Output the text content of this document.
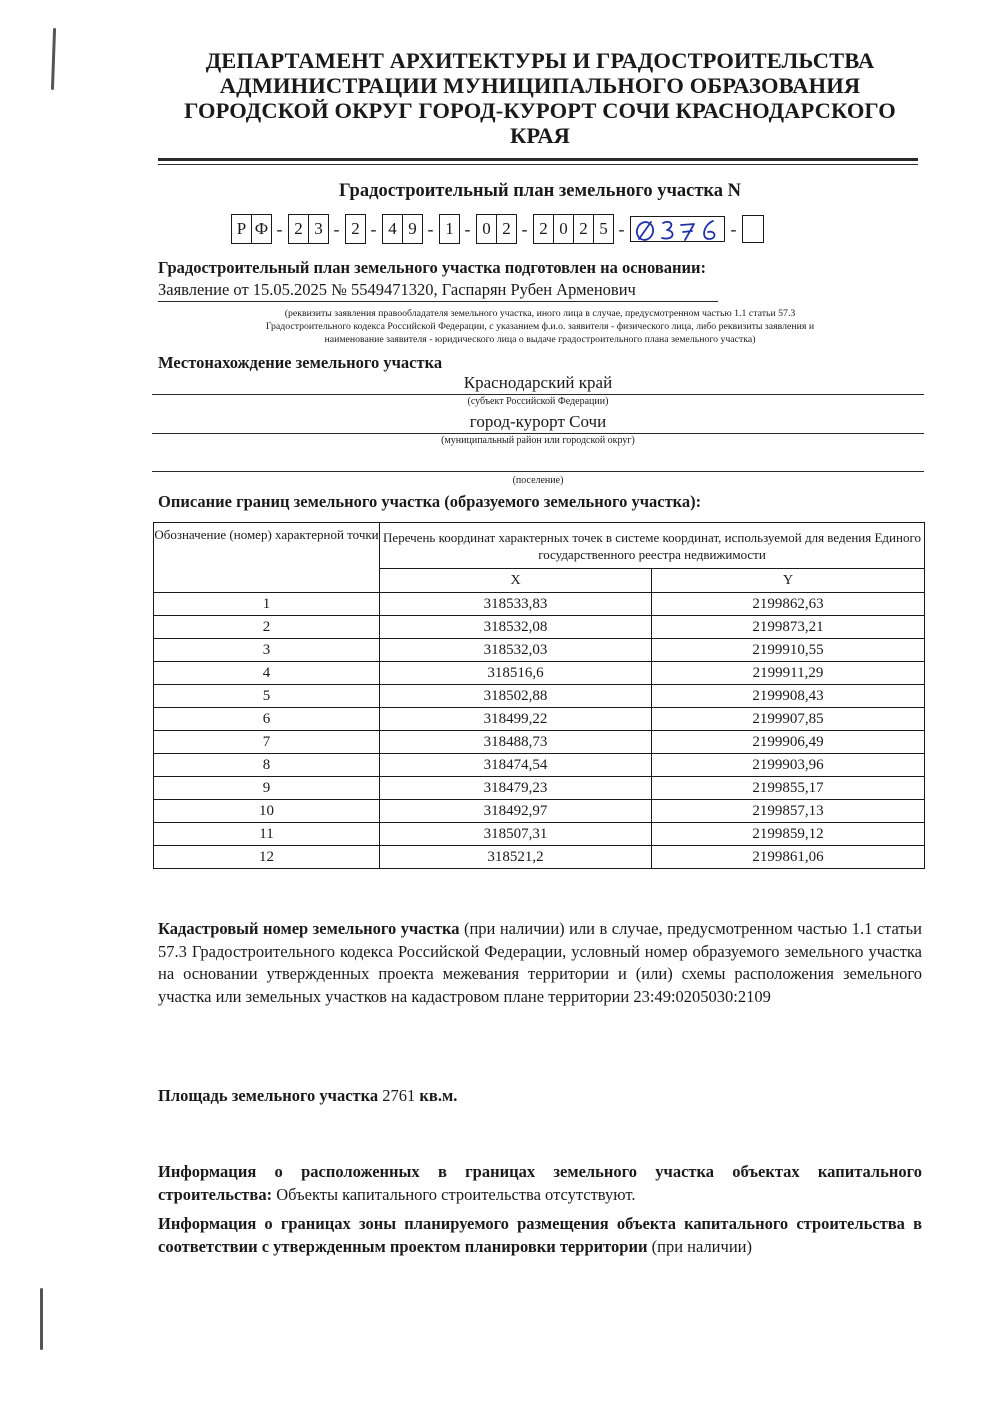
ДЕПАРТАМЕНТ АРХИТЕКТУРЫ И ГРАДОСТРОИТЕЛЬСТВА
АДМИНИСТРАЦИИ МУНИЦИПАЛЬНОГО ОБРАЗОВАНИЯ
ГОРОДСКОЙ ОКРУГ ГОРОД-КУРОРТ СОЧИ КРАСНОДАРСКОГО
КРАЯ
Градостроительный план земельного участка N
Р Ф - 2 3 - 2 - 4 9 - 1 - 0 2 - 2 0 2 5 -	-
Градостроительный план земельного участка подготовлен на основании:
Заявление от 15.05.2025 № 5549471320, Гаспарян Рубен Арменович
(реквизиты заявления правообладателя земельного участка, иного лица в случае, предусмотренном частью 1.1 статьи 57.3
Градостроительного кодекса Российской Федерации, с указанием ф.и.о. заявителя - физического лица, либо реквизиты заявления и
наименование заявителя - юридического лица о выдаче градостроительного плана земельного участка)
Местонахождение земельного участка
Краснодарский край
(субъект Российской Федерации)
город-курорт Сочи
(муниципальный район или городской округ)
(поселение)
Описание границ земельного участка (образуемого земельного участка):
Обозначение (номер) характерной точки	Перечень координат характерных точек в системе координат, используемой для ведения Единого государственного реестра недвижимости	
	X	Y
1	318533,83	2199862,63
2	318532,08	2199873,21
3	318532,03	2199910,55
4	318516,6	2199911,29
5	318502,88	2199908,43
6	318499,22	2199907,85
7	318488,73	2199906,49
8	318474,54	2199903,96
9	318479,23	2199855,17
10	318492,97	2199857,13
11	318507,31	2199859,12
12	318521,2	2199861,06
Кадастровый номер земельного участка (при наличии) или в случае, предусмотренном частью 1.1 статьи 57.3 Градостроительного кодекса Российской Федерации, условный номер образуемого земельного участка на основании утвержденных проекта межевания территории и (или) схемы расположения земельного участка или земельных участков на кадастровом плане территории 23:49:0205030:2109
Площадь земельного участка 2761 кв.м.
Информация о расположенных в границах земельного участка объектах капитального строительства: Объекты капитального строительства отсутствуют.
Информация о границах зоны планируемого размещения объекта капитального строительства в соответствии с утвержденным проектом планировки территории (при наличии)
